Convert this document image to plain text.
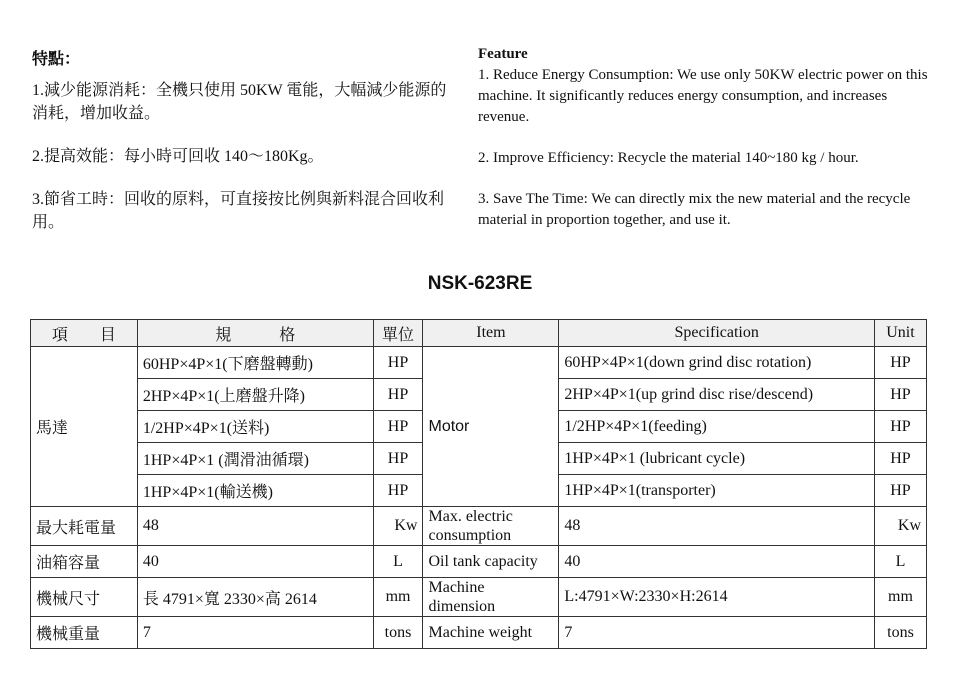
特點：

1.減少能源消耗：全機只使用 50KW 電能，大幅減少能源的消耗，增加收益。

2.提高效能：每小時可回收 140～180Kg。

3.節省工時：回收的原料，可直接按比例與新料混合回收利用。

Feature

1. Reduce Energy Consumption: We use only 50KW electric power on this machine. It significantly reduces energy consumption, and increases revenue.

2. Improve Efficiency: Recycle the material 140~180 kg / hour.

3. Save The Time: We can directly mix the new material and the recycle material in proportion together, and use it.

NSK-623RE
項　　目	規　　　格	單位	Item	Specification	Unit
馬達	60HP×4P×1(下磨盤轉動)	HP	Motor	60HP×4P×1(down grind disc rotation)	HP
	2HP×4P×1(上磨盤升降)	HP		2HP×4P×1(up grind disc rise/descend)	HP
	1/2HP×4P×1(送料)	HP		1/2HP×4P×1(feeding)	HP
	1HP×4P×1 (潤滑油循環)	HP		1HP×4P×1 (lubricant cycle)	HP
	1HP×4P×1(輸送機)	HP		1HP×4P×1(transporter)	HP
最大耗電量	48	Kw	Max. electric consumption	48	Kw
油箱容量	40	L	Oil tank capacity	40	L
機械尺寸	長 4791×寬 2330×高 2614	mm	Machine dimension	L:4791×W:2330×H:2614	mm
機械重量	7	tons	Machine weight	7	tons
